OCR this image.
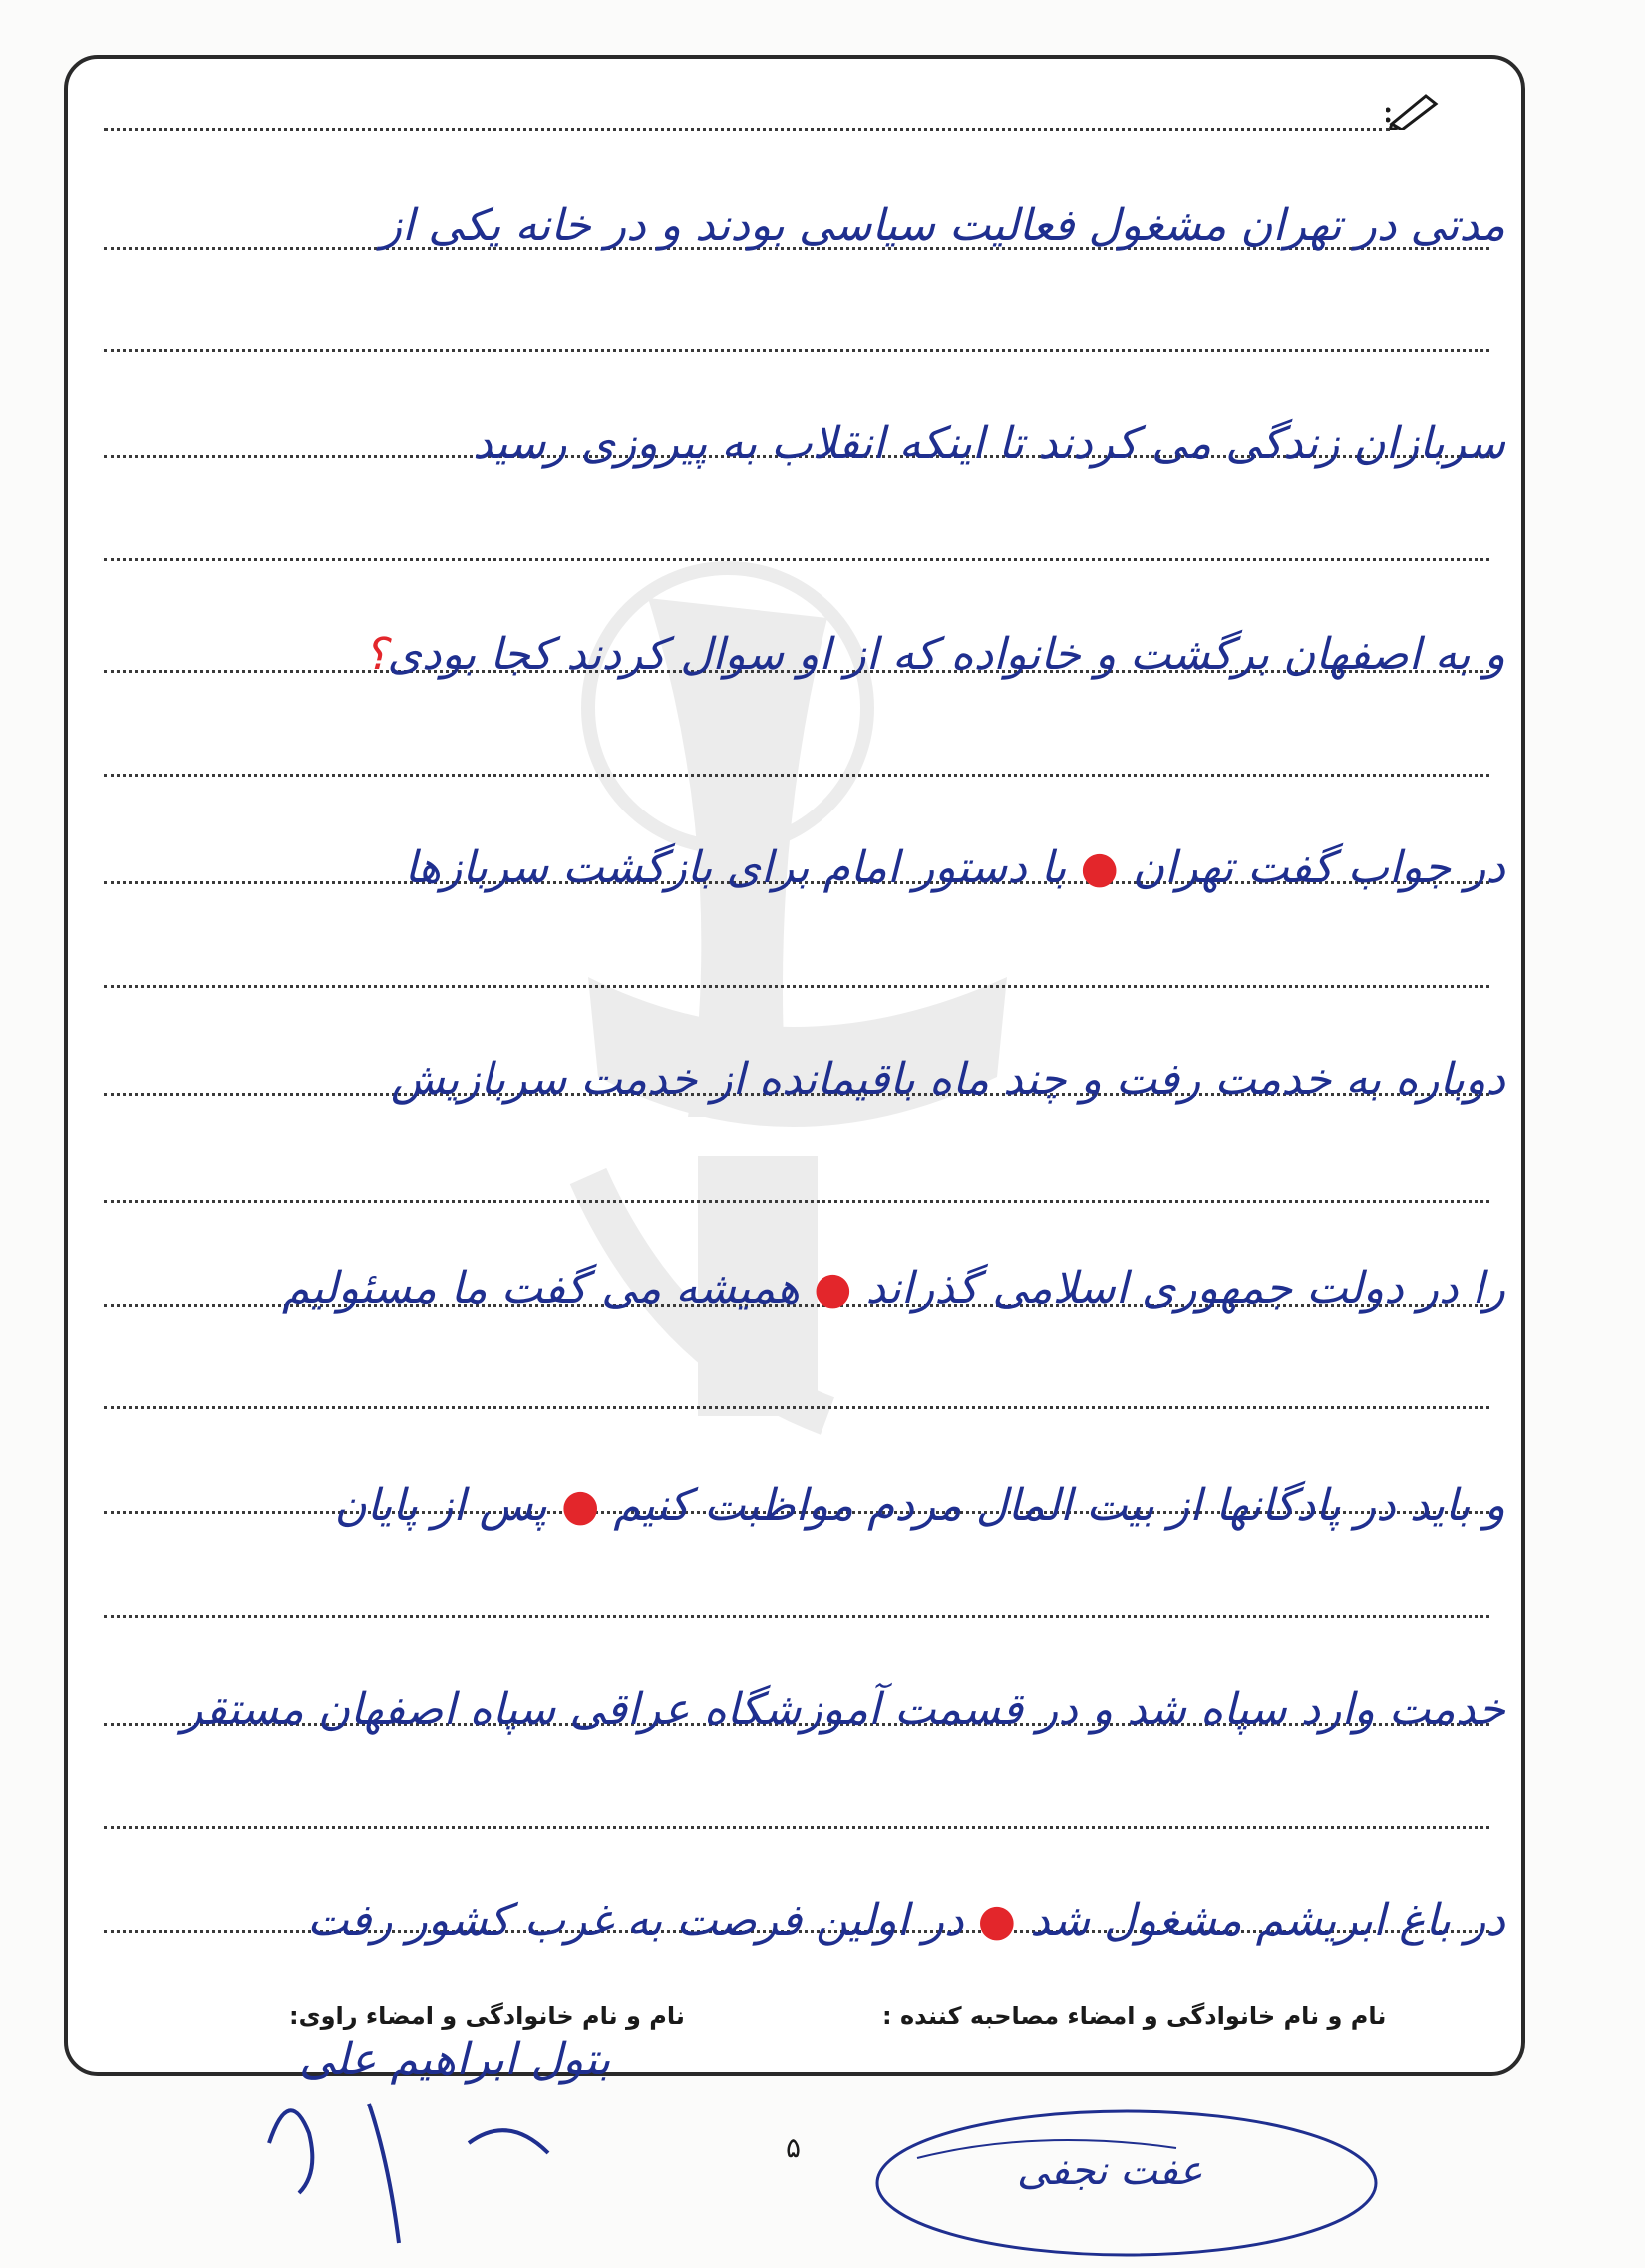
مدتی در تهران مشغول فعالیت سیاسی بودند و در خانه یکی از
سربازان زندگی می کردند تا اینکه انقلاب به پیروزی رسید
و به اصفهان برگشت و خانواده که از او سوال کردند کجا بودی؟
در جواب گفت تهران ● با دستور امام برای بازگشت سربازها
دوباره به خدمت رفت و چند ماه باقیمانده از خدمت سربازیش
را در دولت جمهوری اسلامی گذراند ● همیشه می گفت ما مسئولیم
و باید در پادگانها از بیت المال مردم مواظبت کنیم ● پس از پایان
خدمت وارد سپاه شد و در قسمت آموزشگاه عراقی سپاه اصفهان مستقر
در باغ ابریشم مشغول شد ● در اولین فرصت به غرب کشور رفت
نام و نام خانوادگی و امضاء مصاحبه کننده :
نام و نام خانوادگی و امضاء راوی:
بتول ابراهیم علی
عفت نجفی
۵
